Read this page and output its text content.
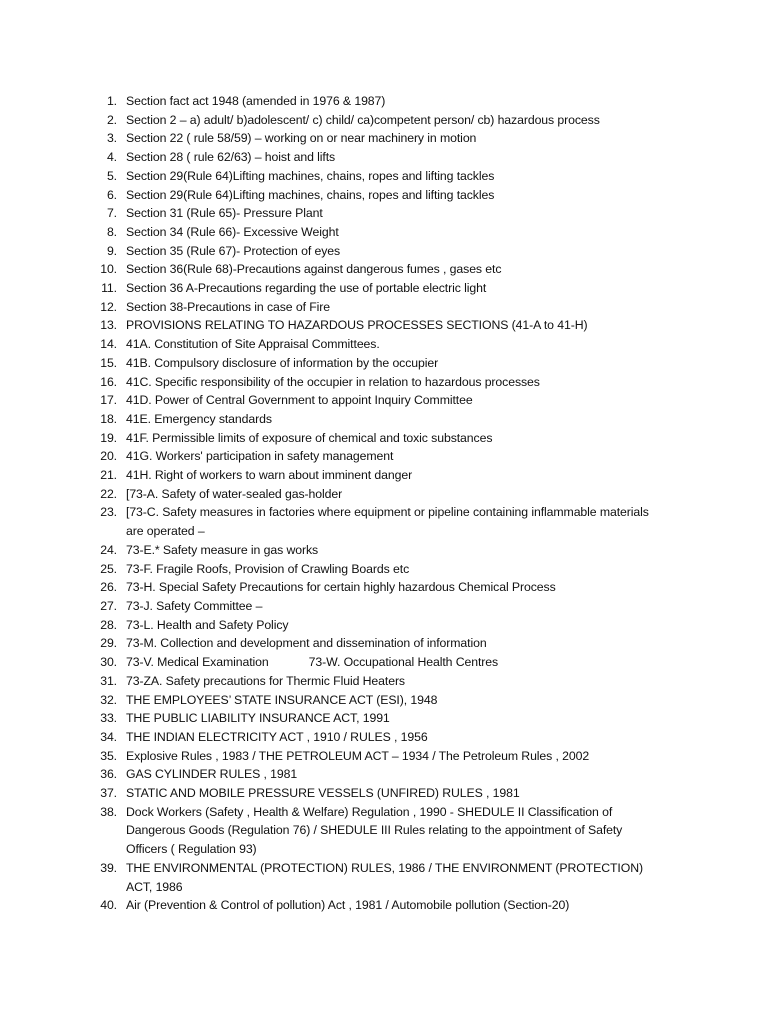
1. Section fact act 1948 (amended in 1976 & 1987)
2. Section 2 – a) adult/ b)adolescent/ c) child/ ca)competent person/ cb) hazardous process
3. Section 22 ( rule 58/59) – working on or near machinery in motion
4. Section 28 ( rule 62/63) – hoist and lifts
5. Section 29(Rule 64)Lifting machines, chains, ropes and lifting tackles
6. Section 29(Rule 64)Lifting machines, chains, ropes and lifting tackles
7. Section 31 (Rule 65)- Pressure Plant
8. Section 34 (Rule 66)- Excessive Weight
9. Section 35 (Rule 67)- Protection of eyes
10. Section 36(Rule 68)-Precautions against dangerous fumes , gases etc
11. Section 36 A-Precautions regarding the use of portable electric light
12. Section 38-Precautions in case of Fire
13. PROVISIONS RELATING TO HAZARDOUS PROCESSES SECTIONS (41-A to 41-H)
14. 41A. Constitution of Site Appraisal Committees.
15. 41B. Compulsory disclosure of information by the occupier
16. 41C. Specific responsibility of the occupier in relation to hazardous processes
17. 41D. Power of Central Government to appoint Inquiry Committee
18. 41E. Emergency standards
19. 41F. Permissible limits of exposure of chemical and toxic substances
20. 41G. Workers' participation in safety management
21. 41H. Right of workers to warn about imminent danger
22. [73-A. Safety of water-sealed gas-holder
23. [73-C. Safety measures in factories where equipment or pipeline containing inflammable materials are operated –
24. 73-E.* Safety measure in gas works
25. 73-F. Fragile Roofs, Provision of Crawling Boards etc
26. 73-H. Special Safety Precautions for certain highly hazardous Chemical Process
27. 73-J. Safety Committee –
28. 73-L. Health and Safety Policy
29. 73-M. Collection and development and dissemination of information
30. 73-V. Medical Examination	73-W. Occupational Health Centres
31. 73-ZA. Safety precautions for Thermic Fluid Heaters
32. THE EMPLOYEES’ STATE INSURANCE ACT (ESI), 1948
33. THE PUBLIC LIABILITY INSURANCE ACT, 1991
34. THE INDIAN ELECTRICITY ACT , 1910 / RULES , 1956
35. Explosive Rules , 1983 / THE PETROLEUM ACT – 1934 / The Petroleum Rules , 2002
36. GAS CYLINDER RULES , 1981
37. STATIC AND MOBILE PRESSURE VESSELS (UNFIRED) RULES , 1981
38. Dock Workers (Safety , Health & Welfare) Regulation , 1990 - SHEDULE II Classification of Dangerous Goods (Regulation 76) / SHEDULE III Rules relating to the appointment of Safety Officers ( Regulation 93)
39. THE ENVIRONMENTAL (PROTECTION) RULES, 1986 / THE ENVIRONMENT (PROTECTION) ACT, 1986
40. Air (Prevention & Control of pollution) Act , 1981 / Automobile pollution (Section-20)
